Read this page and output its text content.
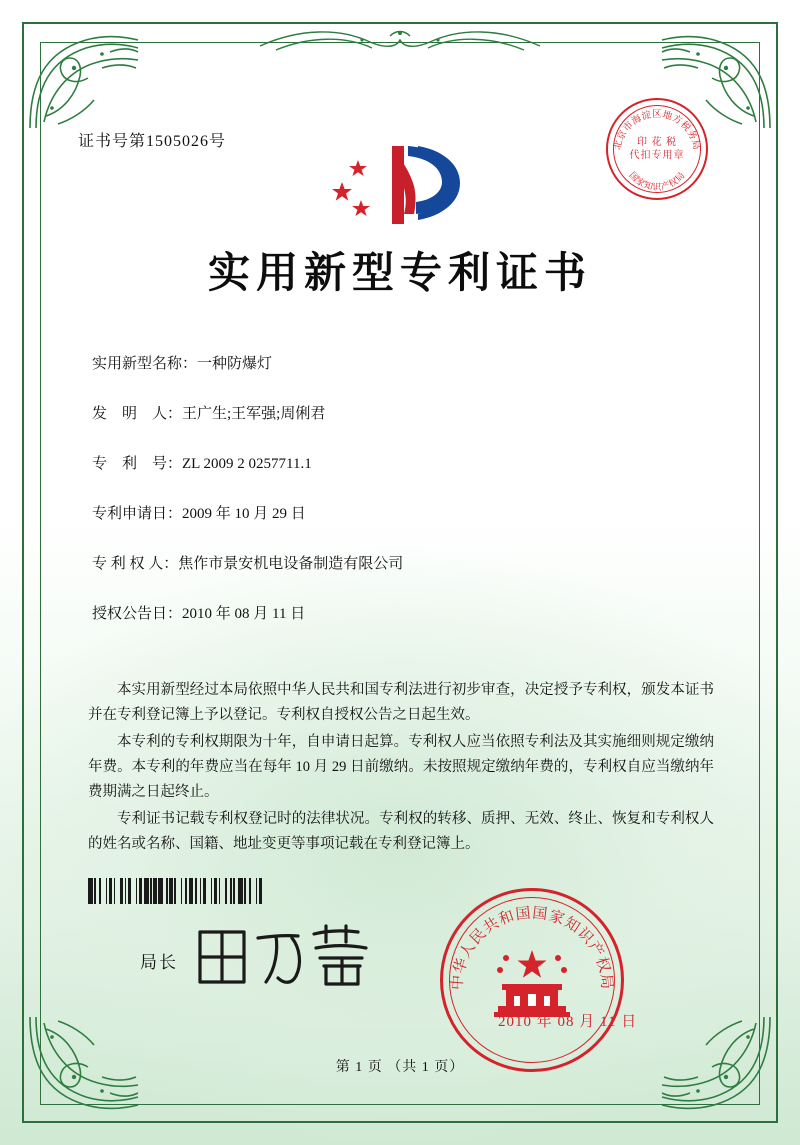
证书号第1505026号	北京市海淀区地方税务局
国家知识产权局
印 花 税
代扣专用章
实用新型专利证书
实用新型名称：一种防爆灯
发　明　人：王广生;王军强;周俐君
专　利　号：ZL 2009 2 0257711.1
专利申请日：2009 年 10 月 29 日
专 利 权 人：焦作市景安机电设备制造有限公司
授权公告日：2010 年 08 月 11 日

本实用新型经过本局依照中华人民共和国专利法进行初步审查，决定授予专利权，颁发本证书并在专利登记簿上予以登记。专利权自授权公告之日起生效。

本专利的专利权期限为十年，自申请日起算。专利权人应当依照专利法及其实施细则规定缴纳年费。本专利的年费应当在每年 10 月 29 日前缴纳。未按照规定缴纳年费的，专利权自应当缴纳年费期满之日起终止。

专利证书记载专利权登记时的法律状况。专利权的转移、质押、无效、终止、恢复和专利权人的姓名或名称、国籍、地址变更等事项记载在专利登记簿上。

局长
中华人民共和国国家知识产权局
2010 年 08 月 11 日
第 1 页 （共 1 页）
